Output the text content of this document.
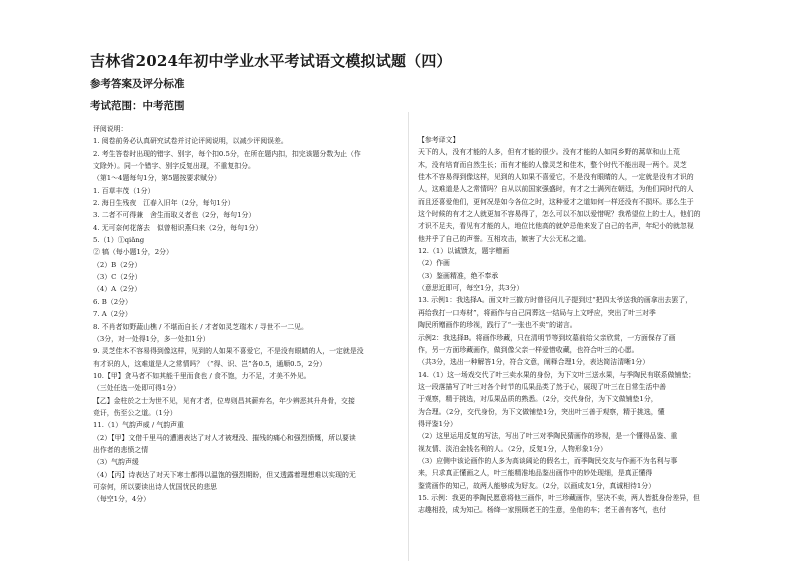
吉林省2024年初中学业水平考试语文模拟试题（四）
参考答案及评分标准
考试范围：中考范围
评阅说明：
1. 阅卷前务必认真研究试卷并讨论评阅说明，以减少评阅误差。
2. 考生答卷时出现的错字、别字，每个扣0.5分，在所在题内扣，扣完该题分数为止（作
文除外）。同一个错字、别字反复出现，不重复扣分。
（第1～4题每句1分，第5题按要求赋分）
1. 百草丰茂（1分）
2. 海日生残夜　江春入旧年（2分，每句1分）
3. 二者不可得兼　舍生而取义者也（2分，每句1分）
4. 无可奈何花落去　似曾相识燕归来（2分，每句1分）
5.（1）①qiǎng
② 犒（每小题1分，2分）
（2）B（2分）
（3）C（2分）
（4）A（2分）
6. B（2分）
7. A（2分）
8. 不肖者如野蔬山樵 / 不堪而自长 / 才者如灵芝瑞木 / 寻世不一二见。
（3分，对一处得1分，多一处扣1分）
9. 灵芝佳木不容易得到像这样，见到的人如果不喜爱它，不是没有眼睛的人，一定就是没
有才识的人，这难道是人之常情吗？（“得、识、岂”各0.5，通顺0.5，2分）
10.【甲】贪马者不如其能千里而食也 / 食不饱，力不足，才美不外见。
（三处任选一处即可得1分）
【乙】金柱於之士为世不见，见有才者，位卑则昌其薪弃名，年少辨恶其升舟骨，交接
竞讦，伤至公之道。（1分）
11.（1）气韵声威 / 气韵声重
（2）【甲】文借千里马的遭遇表达了对人才被埋没、摧残的痛心和强烈愤慨，所以要读
出作者的悲愤之情
（3）气韵声缓
（4）【丙】诗表达了对天下寒士都得以温饱的强烈期盼，但又透露着理想难以实现的无
可奈何，所以要读出诗人忧国忧民的悲思
（每空1分，4分）
【参考译文】
天下的人，没有才能的人多，但有才能的很少。没有才能的人如同乡野的蒿草和山上荒
木，没有培育而自然生长；而有才能的人像灵芝和佳木，整个时代不能出现一两个。灵芝
佳木不容易得到像这样，见到的人如果不喜爱它，不是没有眼睛的人，一定就是没有才识的
人，这难道是人之常情吗？自从以前国家强盛时，有才之士满列在朝廷，为他们同时代的人
而且还喜爱他们，更何况是如今各位之时，这种爱才之道如何一样还没有不损坏。那么生于
这个时候的有才之人就更加不容易得了，怎么可以不加以爱惜呢？我希望位上的士人，他们的
才识不足夫，看见有才能的人，地位比他高的就妒忌他来发了自己的名声，年纪小的就忽视
他并乎了自己的声誉。互相攻击，嫉害了大公无私之道。
12.（1）以诚馈友，题字赠画
（2）作画
（3）鉴画精准，绝不奉承
（意思近即可，每空1分，共3分）
13. 示例1：我选择A。面文叶三撤方时曾径问儿子提到过“把四太爷送我的画拿出去罢了，
再给我打一口寿材”，将画作与自己同葬这一结局与上文呼应，突出了叶三对季
陶民所赠画作的珍视，践行了“一张也不卖”的诺言。
示例2：我选择B。将画作珍藏，只在清明节等到坟墓前给父亲欣赏，一方面保存了画
作，另一方面珍藏画作，做到像父亲一样爱惜收藏，也符合叶三的心愿。
（共3分，选出一种解答1分，符合文意，阐释合理1分，表达简洁清晰1分）
14.（1）这一场戏交代了叶三卖水果的身份，为下文叶三送水果，与季陶民有联系做铺垫；
这一段落描写了叶三对各个时节的瓜果品类了然于心，展现了叶三在日常生活中善
于观察，精于挑选，对瓜果品质的熟悉。（2分，交代身份，为下文做铺垫1分，
为合理。（2分，交代身份，为下文做铺垫1分，突出叶三善于观察，精于挑选，懂
得评鉴1分）
（2）这里运用反复的写法，写出了叶三对季陶民猜画作的珍视，是一个懂得品鉴、重
视友情、淡泊金钱名利的人。（2分，反复1分，人物形象1分）
（3）应侧中该论画作的人多为高谈阔论的假名士，而季陶民交友与作画不为名利与事
来，只求真正懂画之人，叶三能精准地品鉴出画作中的妙处现细，是真正懂得
鉴赏画作的知己，故两人能够成为好友。（2分，以画成友1分，真诚相待1分）
15. 示例：我更的季陶民愿意将他三画作，叶三珍藏画作，坚决不卖，两人皆抵身份差异，但
志趣相投，成为知己。杨绛一家照顾老王的生意，坐他的车；老王善有客气，也付
